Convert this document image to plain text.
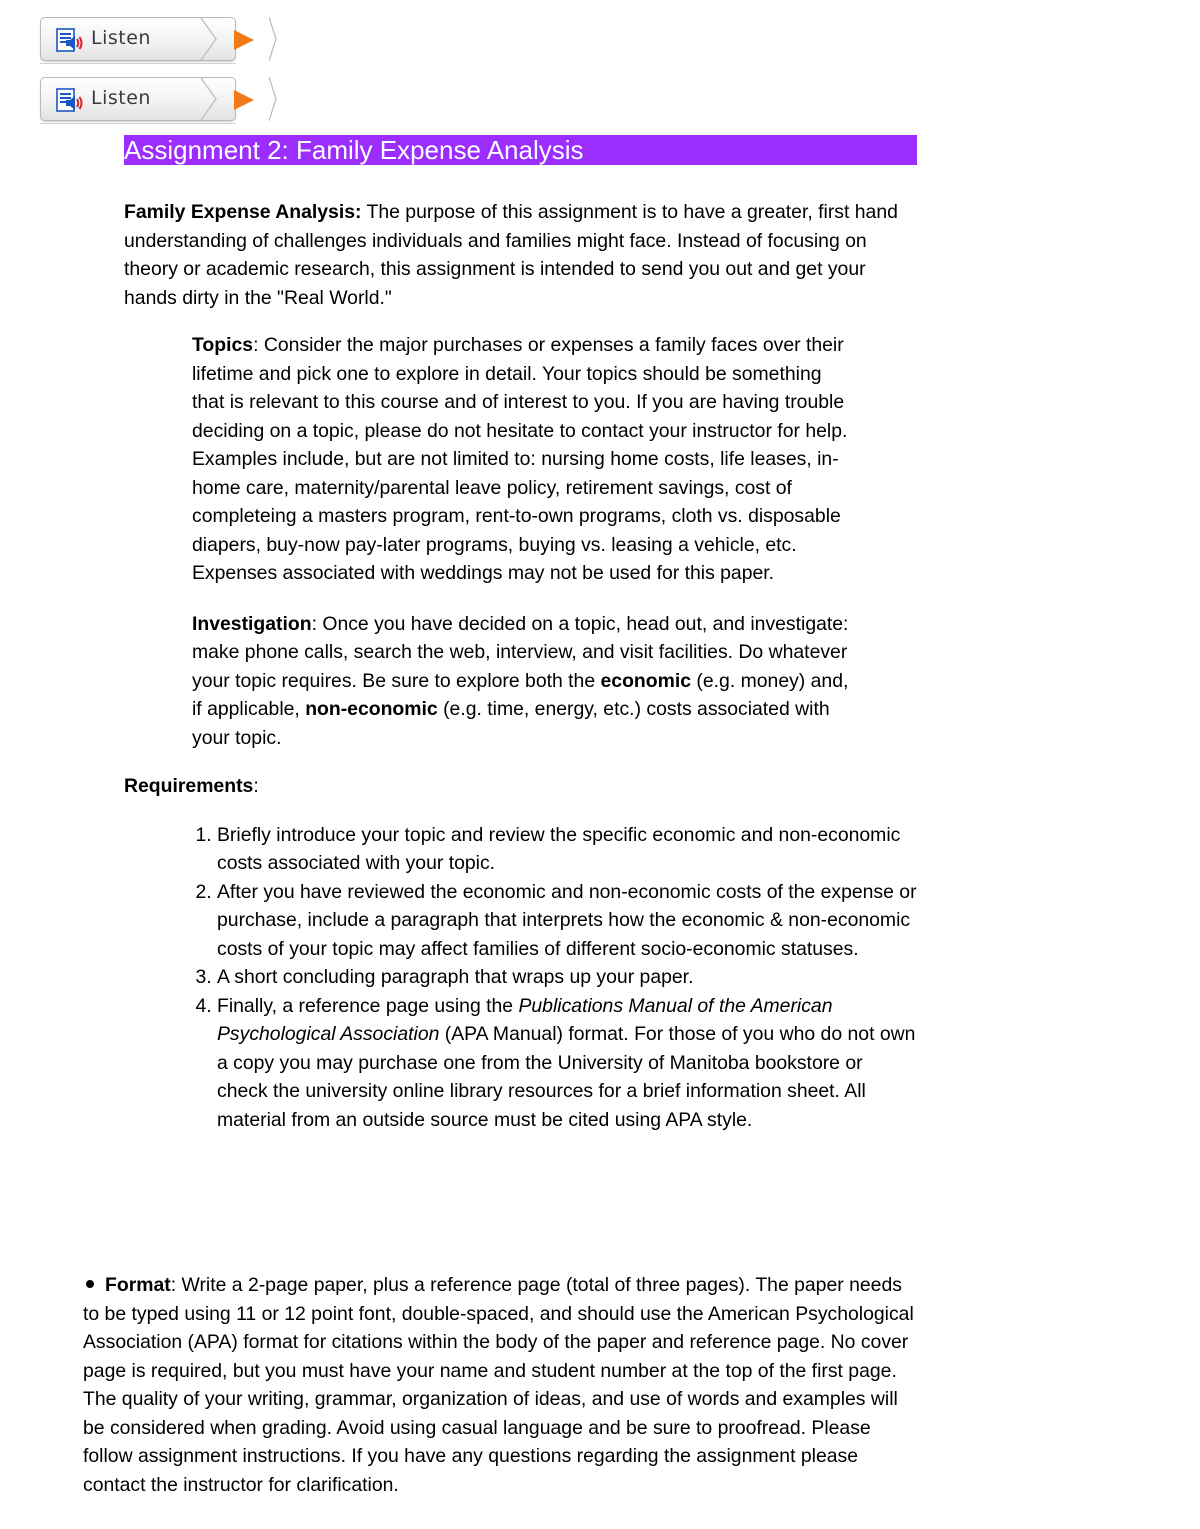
Listen
Listen
Assignment 2: Family Expense Analysis

Family Expense Analysis: The purpose of this assignment is to have a greater, first hand understanding of challenges individuals and families might face. Instead of focusing on theory or academic research, this assignment is intended to send you out and get your hands dirty in the "Real World."

Topics: Consider the major purchases or expenses a family faces over their lifetime and pick one to explore in detail. Your topics should be something that is relevant to this course and of interest to you. If you are having trouble deciding on a topic, please do not hesitate to contact your instructor for help. Examples include, but are not limited to: nursing home costs, life leases, in-home care, maternity/parental leave policy, retirement savings, cost of completeing a masters program, rent-to-own programs, cloth vs. disposable diapers, buy-now pay-later programs, buying vs. leasing a vehicle, etc. Expenses associated with weddings may not be used for this paper.

Investigation: Once you have decided on a topic, head out, and investigate: make phone calls, search the web, interview, and visit facilities. Do whatever your topic requires. Be sure to explore both the economic (e.g. money) and, if applicable, non-economic (e.g. time, energy, etc.) costs associated with your topic.

Requirements:

1. Briefly introduce your topic and review the specific economic and non-economic costs associated with your topic.
2. After you have reviewed the economic and non-economic costs of the expense or purchase, include a paragraph that interprets how the economic & non-economic costs of your topic may affect families of different socio-economic statuses.
3. A short concluding paragraph that wraps up your paper.
4. Finally, a reference page using the Publications Manual of the American Psychological Association (APA Manual) format. For those of you who do not own a copy you may purchase one from the University of Manitoba bookstore or check the university online library resources for a brief information sheet. All material from an outside source must be cited using APA style.
Format: Write a 2-page paper, plus a reference page (total of three pages). The paper needs to be typed using 11 or 12 point font, double-spaced, and should use the American Psychological Association (APA) format for citations within the body of the paper and reference page. No cover page is required, but you must have your name and student number at the top of the first page. The quality of your writing, grammar, organization of ideas, and use of words and examples will be considered when grading. Avoid using casual language and be sure to proofread. Please follow assignment instructions. If you have any questions regarding the assignment please contact the instructor for clarification.
